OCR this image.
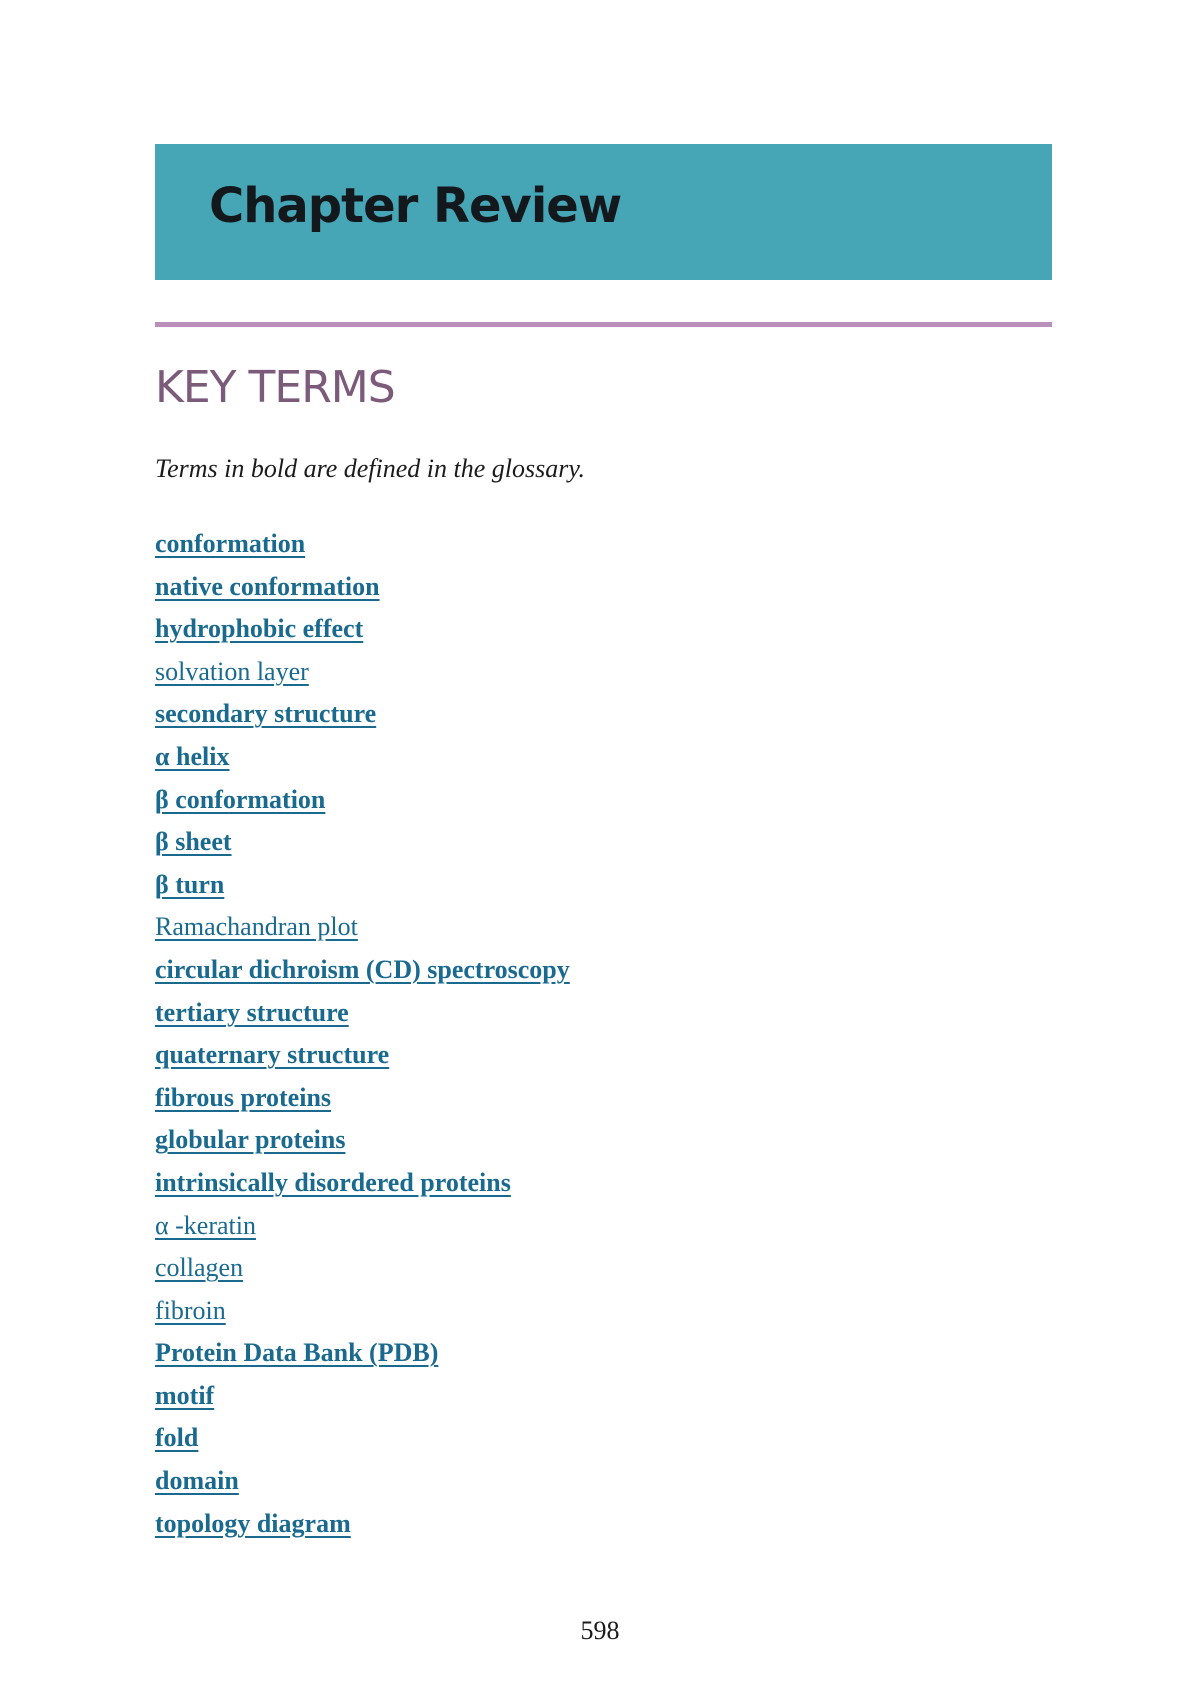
Chapter Review
KEY TERMS

Terms in bold are defined in the glossary.

conformation
native conformation
hydrophobic effect
solvation layer
secondary structure
α helix
β conformation
β sheet
β turn
Ramachandran plot
circular dichroism (CD) spectroscopy
tertiary structure
quaternary structure
fibrous proteins
globular proteins
intrinsically disordered proteins
α -keratin
collagen
fibroin
Protein Data Bank (PDB)
motif
fold
domain
topology diagram
598
